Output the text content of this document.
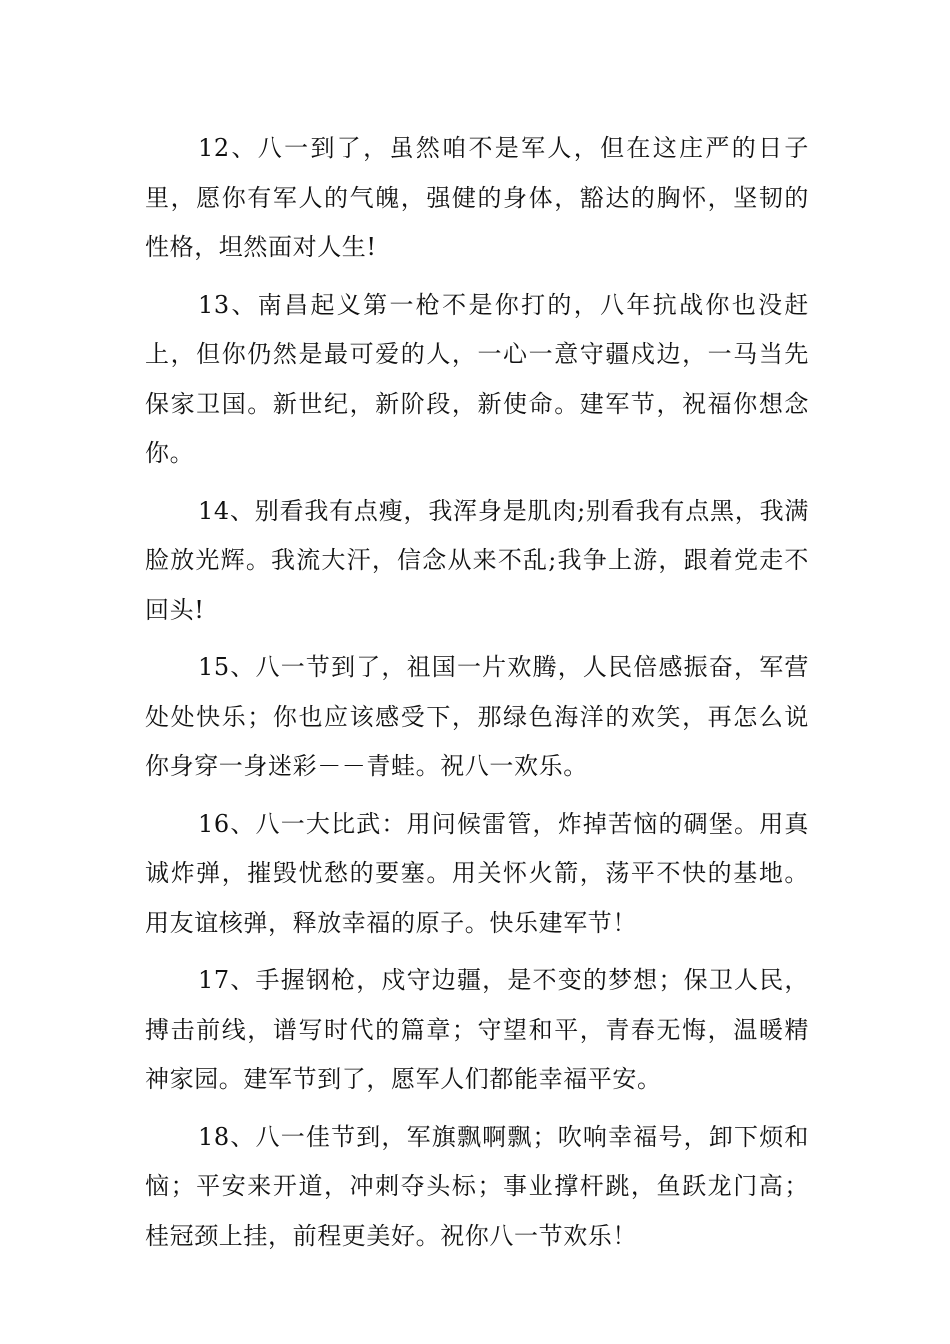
12、八一到了，虽然咱不是军人，但在这庄严的日子里，愿你有军人的气魄，强健的身体，豁达的胸怀，坚韧的性格，坦然面对人生!

13、南昌起义第一枪不是你打的，八年抗战你也没赶上，但你仍然是最可爱的人，一心一意守疆戍边，一马当先保家卫国。新世纪，新阶段，新使命。建军节，祝福你想念你。

14、别看我有点瘦，我浑身是肌肉;别看我有点黑，我满脸放光辉。我流大汗，信念从来不乱;我争上游，跟着党走不回头!

15、八一节到了，祖国一片欢腾，人民倍感振奋，军营处处快乐；你也应该感受下，那绿色海洋的欢笑，再怎么说你身穿一身迷彩－－青蛙。祝八一欢乐。

16、八一大比武：用问候雷管，炸掉苦恼的碉堡。用真诚炸弹，摧毁忧愁的要塞。用关怀火箭，荡平不快的基地。用友谊核弹，释放幸福的原子。快乐建军节！

17、手握钢枪，戍守边疆，是不变的梦想；保卫人民，搏击前线，谱写时代的篇章；守望和平，青春无悔，温暖精神家园。建军节到了，愿军人们都能幸福平安。

18、八一佳节到，军旗飘啊飘；吹响幸福号，卸下烦和恼；平安来开道，冲刺夺头标；事业撑杆跳，鱼跃龙门高；桂冠颈上挂，前程更美好。祝你八一节欢乐！
